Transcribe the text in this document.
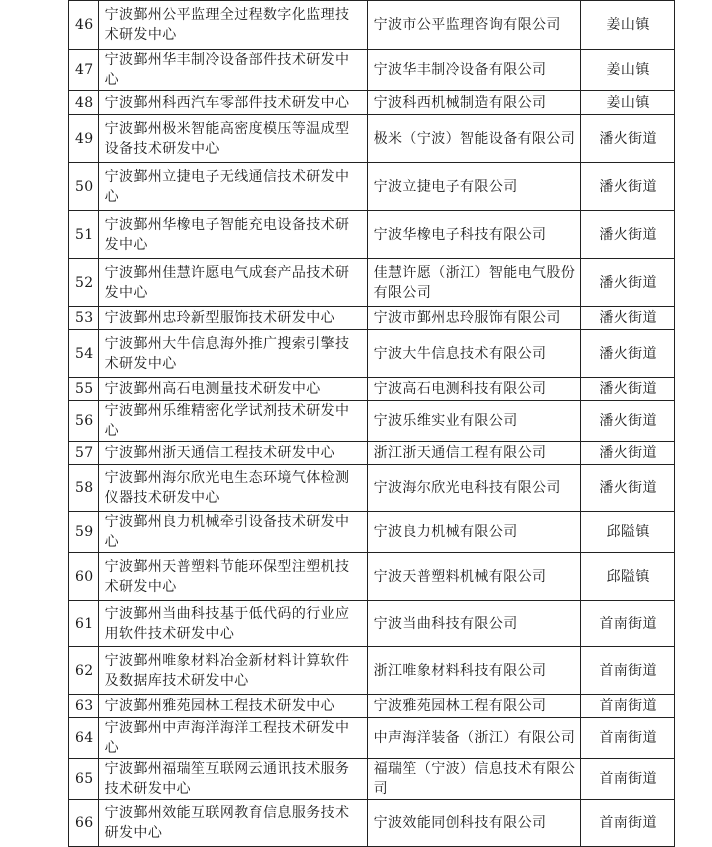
46	宁波鄞州公平监理全过程数字化监理技术研发中心	宁波市公平监理咨询有限公司	姜山镇
47	宁波鄞州华丰制冷设备部件技术研发中心	宁波华丰制冷设备有限公司	姜山镇
48	宁波鄞州科西汽车零部件技术研发中心	宁波科西机械制造有限公司	姜山镇
49	宁波鄞州极米智能高密度模压等温成型设备技术研发中心	极米（宁波）智能设备有限公司	潘火街道
50	宁波鄞州立捷电子无线通信技术研发中心	宁波立捷电子有限公司	潘火街道
51	宁波鄞州华橡电子智能充电设备技术研发中心	宁波华橡电子科技有限公司	潘火街道
52	宁波鄞州佳慧许愿电气成套产品技术研发中心	佳慧许愿（浙江）智能电气股份有限公司	潘火街道
53	宁波鄞州忠玲新型服饰技术研发中心	宁波市鄞州忠玲服饰有限公司	潘火街道
54	宁波鄞州大牛信息海外推广搜索引擎技术研发中心	宁波大牛信息技术有限公司	潘火街道
55	宁波鄞州高石电测量技术研发中心	宁波高石电测科技有限公司	潘火街道
56	宁波鄞州乐维精密化学试剂技术研发中心	宁波乐维实业有限公司	潘火街道
57	宁波鄞州浙天通信工程技术研发中心	浙江浙天通信工程有限公司	潘火街道
58	宁波鄞州海尔欣光电生态环境气体检测仪器技术研发中心	宁波海尔欣光电科技有限公司	潘火街道
59	宁波鄞州良力机械牵引设备技术研发中心	宁波良力机械有限公司	邱隘镇
60	宁波鄞州天普塑料节能环保型注塑机技术研发中心	宁波天普塑料机械有限公司	邱隘镇
61	宁波鄞州当曲科技基于低代码的行业应用软件技术研发中心	宁波当曲科技有限公司	首南街道
62	宁波鄞州唯象材料冶金新材料计算软件及数据库技术研发中心	浙江唯象材料科技有限公司	首南街道
63	宁波鄞州雅苑园林工程技术研发中心	宁波雅苑园林工程有限公司	首南街道
64	宁波鄞州中声海洋海洋工程技术研发中心	中声海洋装备（浙江）有限公司	首南街道
65	宁波鄞州福瑞笙互联网云通讯技术服务技术研发中心	福瑞笙（宁波）信息技术有限公司	首南街道
66	宁波鄞州效能互联网教育信息服务技术研发中心	宁波效能同创科技有限公司	首南街道
